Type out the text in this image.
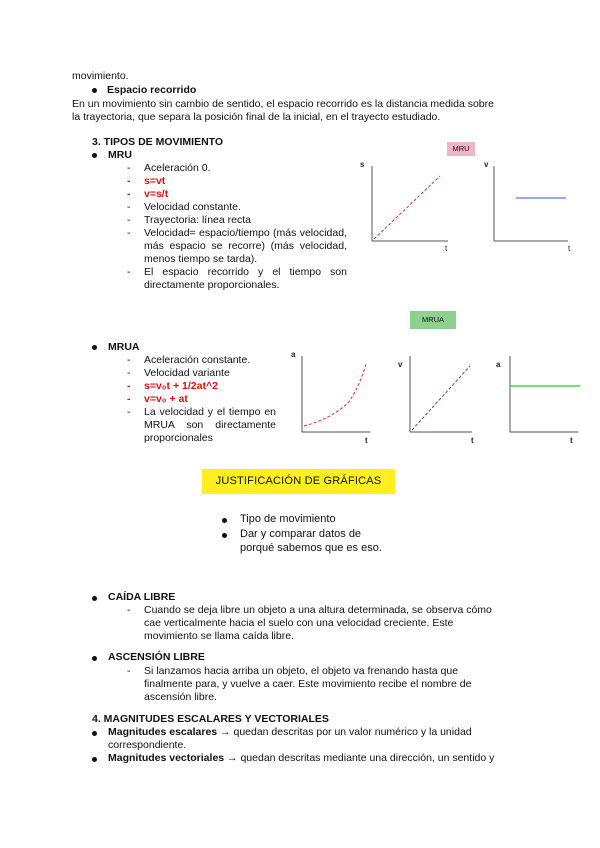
movimiento.
Espacio recorrido
En un movimiento sin cambio de sentido, el espacio recorrido es la distancia medida sobre
la trayectoria, que separa la posición final de la inicial, en el trayecto estudiado.
3. TIPOS DE MOVIMIENTO
MRU
- Aceleración 0.
- s=vt
- v=s/t
- Velocidad constante.
- Trayectoria: línea recta
- Velocidad= espacio/tiempo (más velocidad, más espacio se recorre) (más velocidad, menos tiempo se tarda).
- El espacio recorrido y el tiempo son directamente proporcionales.
MRU
s
t
v
t
MRUA
MRUA
- Aceleración constante.
- Velocidad variante
- s=v₀t + 1/2at^2
- v=v₀ + at
- La velocidad y el tiempo en MRUA son directamente proporcionales
a
t
v
t
a
t
JUSTIFICACIÓN DE GRÁFICAS
Tipo de movimiento
Dar y comparar datos de
porqué sabemos que es eso.
CAÍDA LIBRE
- Cuando se deja libre un objeto a una altura determinada, se observa cómo
cae verticalmente hacia el suelo con una velocidad creciente. Este
movimiento se llama caída libre.
ASCENSIÓN LIBRE
- Si lanzamos hacia arriba un objeto, el objeto va frenando hasta que
finalmente para, y vuelve a caer. Este movimiento recibe el nombre de
ascensión libre.
4. MAGNITUDES ESCALARES Y VECTORIALES
Magnitudes escalares → quedan descritas por un valor numérico y la unidad
correspondiente.
Magnitudes vectoriales → quedan descritas mediante una dirección, un sentido y
